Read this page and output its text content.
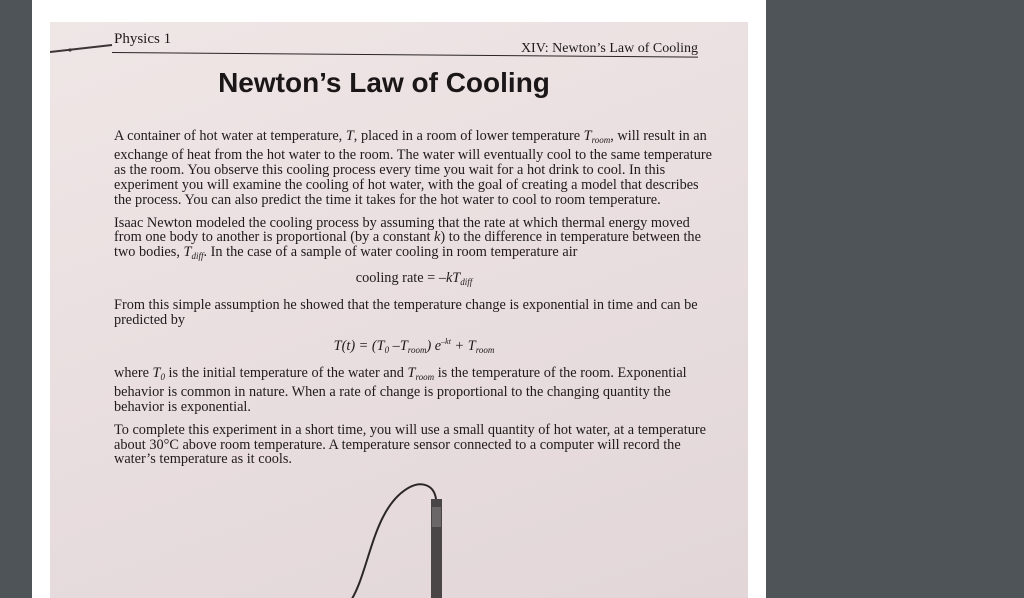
Physics 1
XIV: Newton’s Law of Cooling
Newton’s Law of Cooling

A container of hot water at temperature, T, placed in a room of lower temperature $T_{room}$, will result in an exchange of heat from the hot water to the room. The water will eventually cool to the same temperature as the room. You observe this cooling process every time you wait for a hot drink to cool. In this experiment you will examine the cooling of hot water, with the goal of creating a model that describes the process. You can also predict the time it takes for the hot water to cool to room temperature.

Isaac Newton modeled the cooling process by assuming that the rate at which thermal energy moved from one body to another is proportional (by a constant k) to the difference in temperature between the two bodies, $T_{diff}$. In the case of a sample of water cooling in room temperature air

cooling rate = $-kT_{diff}$

From this simple assumption he showed that the temperature change is exponential in time and can be predicted by

$T(t) = (T_0$ $-T_{room}$) $e^{-kt} + T_{room}$

where $T_0$ is the initial temperature of the water and $T_{room}$ is the temperature of the room. Exponential behavior is common in nature. When a rate of change is proportional to the changing quantity the behavior is exponential.

To complete this experiment in a short time, you will use a small quantity of hot water, at a temperature about 30°C above room temperature. A temperature sensor connected to a computer will record the water’s temperature as it cools.
